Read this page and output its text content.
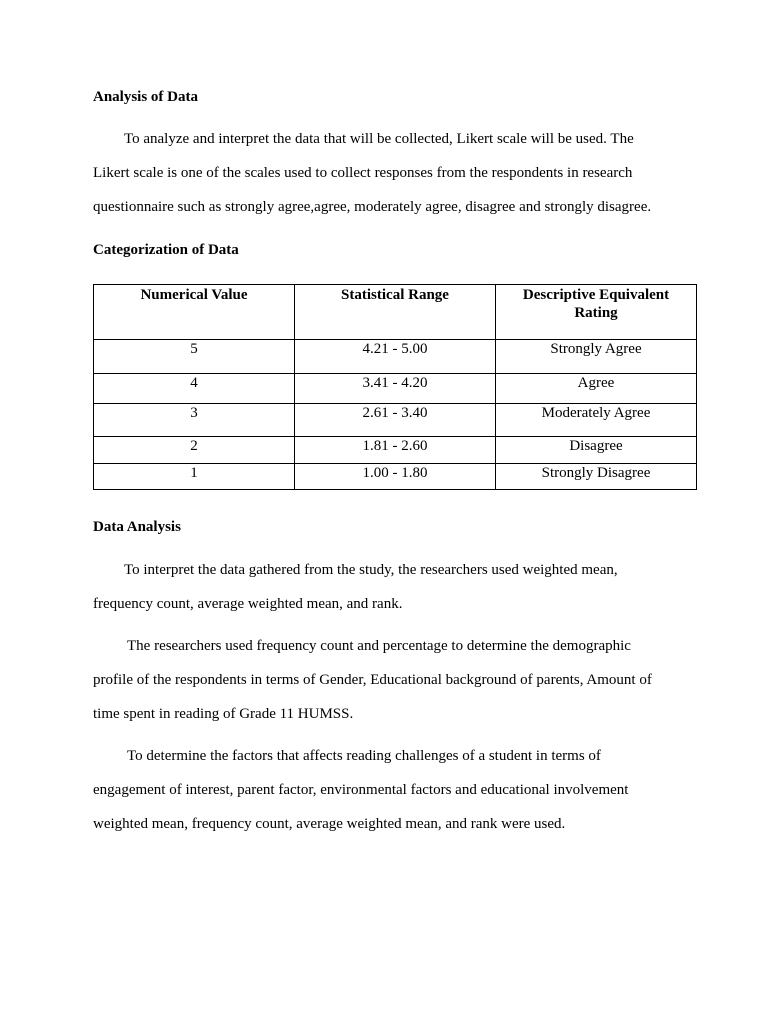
Analysis of Data

To analyze and interpret the data that will be collected, Likert scale will be used. The
Likert scale is one of the scales used to collect responses from the respondents in research
questionnaire such as strongly agree,agree, moderately agree, disagree and strongly disagree.

Categorization of Data
Numerical Value	Statistical Range	Descriptive Equivalent Rating
5	4.21 - 5.00	Strongly Agree
4	3.41 - 4.20	Agree
3	2.61 - 3.40	Moderately Agree
2	1.81 - 2.60	Disagree
1	1.00 - 1.80	Strongly Disagree
Data Analysis

To interpret the data gathered from the study, the researchers used weighted mean,
frequency count, average weighted mean, and rank.

The researchers used frequency count and percentage to determine the demographic
profile of the respondents in terms of Gender, Educational background of parents, Amount of
time spent in reading of Grade 11 HUMSS.

To determine the factors that affects reading challenges of a student in terms of
engagement of interest, parent factor, environmental factors and educational involvement
weighted mean, frequency count, average weighted mean, and rank were used.
